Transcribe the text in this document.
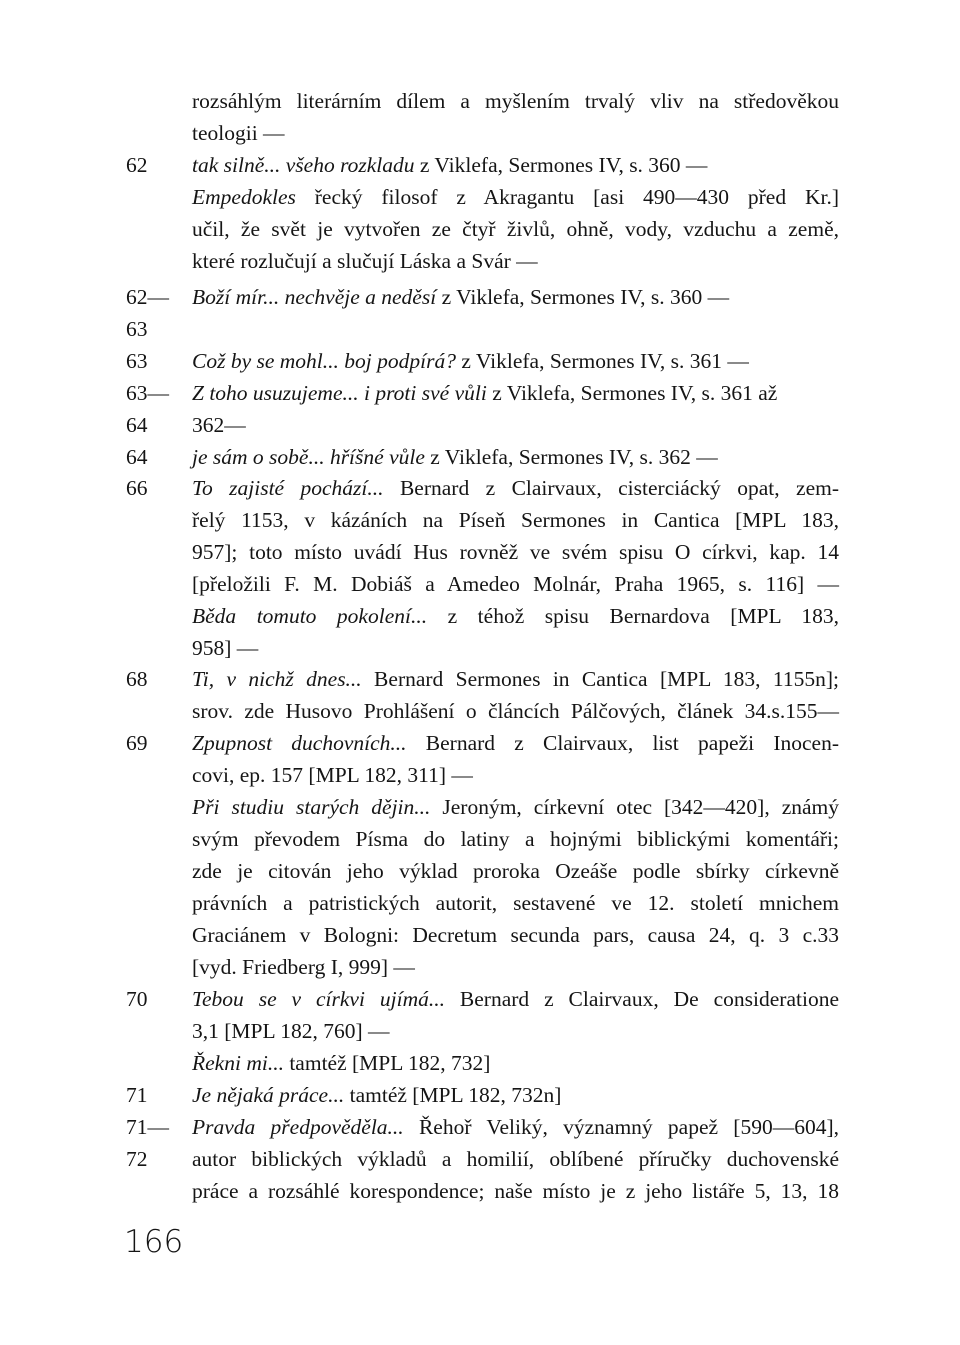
rozsáhlým literárním dílem a myšlením trvalý vliv na středověkou
teologii —
62 tak silně... všeho rozkladu z Viklefa, Sermones IV, s. 360 —
Empedokles řecký filosof z Akragantu [asi 490—430 před Kr.]
učil, že svět je vytvořen ze čtyř živlů, ohně, vody, vzduchu a země,
které rozlučují a slučují Láska a Svár —
62— Boží mír... nechvěje a neděsí z Viklefa, Sermones IV, s. 360 —
63
63 Což by se mohl... boj podpírá? z Viklefa, Sermones IV, s. 361 —
63— Z toho usuzujeme... i proti své vůli z Viklefa, Sermones IV, s. 361 až
64 362—
64 je sám o sobě... hříšné vůle z Viklefa, Sermones IV, s. 362 —
66 To zajisté pochází... Bernard z Clairvaux, cisterciácký opat, zem-
řelý 1153, v kázáních na Píseň Sermones in Cantica [MPL 183,
957]; toto místo uvádí Hus rovněž ve svém spisu O církvi, kap. 14
[přeložili F. M. Dobiáš a Amedeo Molnár, Praha 1965, s. 116] —
Běda tomuto pokolení... z téhož spisu Bernardova [MPL 183,
958] —
68 Ti, v nichž dnes... Bernard Sermones in Cantica [MPL 183, 1155n];
srov. zde Husovo Prohlášení o článcích Pálčových, článek 34.s.155—
69 Zpupnost duchovních... Bernard z Clairvaux, list papeži Inocen-
covi, ep. 157 [MPL 182, 311] —
Při studiu starých dějin... Jeroným, církevní otec [342—420], známý
svým převodem Písma do latiny a hojnými biblickými komentáři;
zde je citován jeho výklad proroka Ozeáše podle sbírky církevně
právních a patristických autorit, sestavené ve 12. století mnichem
Graciánem v Bologni: Decretum secunda pars, causa 24, q. 3 c.33
[vyd. Friedberg I, 999] —
70 Tebou se v církvi ujímá... Bernard z Clairvaux, De consideratione
3,1 [MPL 182, 760] —
Řekni mi... tamtéž [MPL 182, 732]
71 Je nějaká práce... tamtéž [MPL 182, 732n]
71— Pravda předpověděla... Řehoř Veliký, významný papež [590—604],
72 autor biblických výkladů a homilií, oblíbené příručky duchovenské
práce a rozsáhlé korespondence; naše místo je z jeho listáře 5, 13, 18
166
